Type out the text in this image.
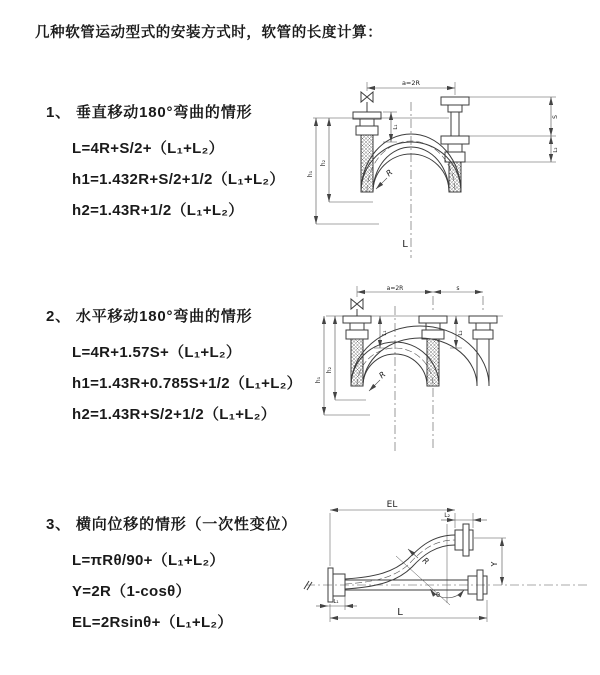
几种软管运动型式的安装方式时，软管的长度计算：
1、 垂直移动180°弯曲的情形
L=4R+S/2+（L₁+L₂）
h1=1.432R+S/2+1/2（L₁+L₂）
h2=1.43R+1/2（L₁+L₂）
2、 水平移动180°弯曲的情形
L=4R+1.57S+（L₁+L₂）
h1=1.43R+0.785S+1/2（L₁+L₂）
h2=1.43R+S/2+1/2（L₁+L₂）
3、 横向位移的情形（一次性变位）
L=πRθ/90+（L₁+L₂）
Y=2R（1-cosθ）
EL=2Rsinθ+（L₁+L₂）
a=2R
h₁
h₂
L₁
S
L₂
R
L
a=2R	s
h₁
h₂
L₁	L₂
R
EL
L₂
Y
L
L₁
R
θ
